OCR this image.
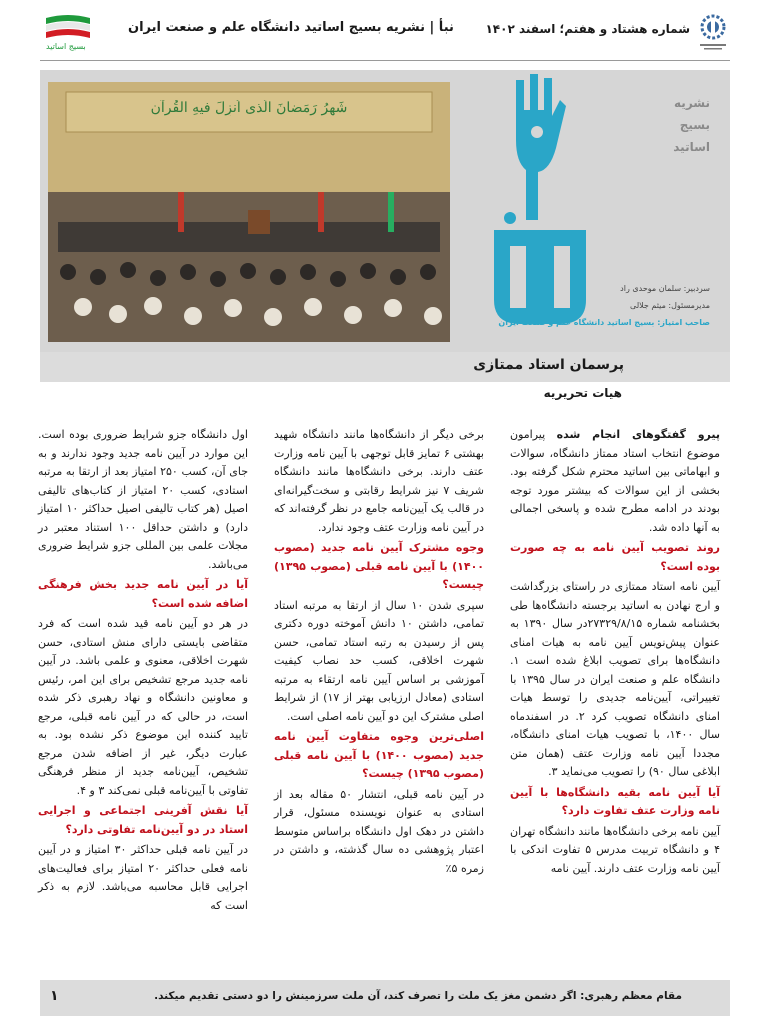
شماره هشتاد و هفتم؛ اسفند ۱۴۰۲
نبأ | نشریه بسیج اساتید دانشگاه علم و صنعت ایران
بسیج اساتید
شَهرُ رَمَضانَ الَّذی اُنزِلَ فیهِ القُرآن	نشریه
بسیج
اساتید
سردبیر: سلمان موحدی راد
مدیرمسئول: میثم جلالی
صاحب امتیاز: بسیج اساتید دانشگاه علم و صنعت ایران
پرسمان استاد ممتازی
هیات تحریریه

پیرو گفتگوهای انجام شده پیرامون موضوع انتخاب استاد ممتاز دانشگاه، سوالات و ابهاماتی بین اساتید محترم شکل گرفته بود. بخشی از این سوالات که بیشتر مورد توجه بودند در ادامه مطرح شده و پاسخی اجمالی به آنها داده شد.

روند تصویب آیین نامه به چه صورت بوده است؟

آیین نامه استاد ممتازی در راستای بزرگداشت و ارج نهادن به اساتید برجسته دانشگاه‌ها طی بخشنامه شماره ۲۷۳۲۹/۸/۱۵در سال ۱۳۹۰ به عنوان پیش‌نویس آیین نامه به هیات امنای دانشگاه‌ها برای تصویب ابلاغ شده است ۱. دانشگاه علم و صنعت ایران در سال ۱۳۹۵ با تغییراتی، آیین‌نامه جدیدی را توسط هیات امنای دانشگاه تصویب کرد ۲. در اسفندماه سال ۱۴۰۰، با تصویب هیات امنای دانشگاه، مجددا آیین نامه وزارت عتف (همان متن ابلاغی سال ۹۰) را تصویب می‌نماید ۳.

آیا آیین نامه بقیه دانشگاه‌ها با آیین نامه وزارت عتف تفاوت دارد؟

آیین نامه برخی دانشگاه‌ها مانند دانشگاه تهران ۴ و دانشگاه تربیت مدرس ۵ تفاوت اندکی با آیین نامه وزارت عتف دارند. آیین نامه

برخی دیگر از دانشگاه‌ها مانند دانشگاه شهید بهشتی ۶ تمایز قابل توجهی با آیین نامه وزارت عتف دارند. برخی دانشگاه‌ها مانند دانشگاه شریف ۷ نیز شرایط رقابتی و سخت‌گیرانه‌ای در قالب یک آیین‌نامه جامع در نظر گرفته‌اند که در آیین نامه وزارت عتف وجود ندارد.

وجوه مشترک آیین نامه جدید (مصوب ۱۴۰۰) با آیین نامه قبلی (مصوب ۱۳۹۵) چیست؟

سپری شدن ۱۰ سال از ارتقا به مرتبه استاد تمامی، داشتن ۱۰ دانش آموخته دوره دکتری پس از رسیدن به رتبه استاد تمامی، حسن شهرت اخلاقی، کسب حد نصاب کیفیت آموزشی بر اساس آیین نامه ارتقاء به مرتبه استادی (معادل ارزیابی بهتر از ۱۷) از شرایط اصلی مشترک این دو آیین نامه اصلی است.

اصلی‌ترین وجوه متفاوت آیین نامه جدید (مصوب ۱۴۰۰) با آیین نامه قبلی (مصوب ۱۳۹۵) چیست؟

در آیین نامه قبلی، انتشار ۵۰ مقاله بعد از استادی به عنوان نویسنده مسئول، قرار داشتن در دهک اول دانشگاه براساس متوسط اعتبار پژوهشی ده سال گذشته، و داشتن در زمره ۵٪

اول دانشگاه جزو شرایط ضروری بوده است. این موارد در آیین نامه جدید وجود ندارند و به جای آن، کسب ۲۵۰ امتیاز بعد از ارتقا به مرتبه استادی، کسب ۲۰ امتیاز از کتاب‌های تالیفی اصیل (هر کتاب تالیفی اصیل حداکثر ۱۰ امتیاز دارد) و داشتن حداقل ۱۰۰ استناد معتبر در مجلات علمی بین المللی جزو شرایط ضروری می‌باشد.

آیا در آیین نامه جدید بخش فرهنگی اضافه شده است؟

در هر دو آیین نامه قید شده است که فرد متقاضی بایستی دارای منش استادی، حسن شهرت اخلاقی، معنوی و علمی باشد. در آیین نامه جدید مرجع تشخیص برای این امر، رئیس و معاونین دانشگاه و نهاد رهبری ذکر شده است، در حالی که در آیین نامه قبلی، مرجع تایید کننده این موضوع ذکر نشده بود. به عبارت دیگر، غیر از اضافه شدن مرجع تشخیص، آیین‌نامه جدید از منظر فرهنگی تفاوتی با آیین‌نامه قبلی نمی‌کند ۳ و ۴.

آیا نقش آفرینی اجتماعی و اجرایی استاد در دو آیین‌نامه تفاوتی دارد؟

در آیین نامه قبلی حداکثر ۳۰ امتیاز و در آیین نامه فعلی حداکثر ۲۰ امتیاز برای فعالیت‌های اجرایی قابل محاسبه می‌باشد. لازم به ذکر است که

مقام معظم رهبری: اگر دشمن مغز یک ملت را تصرف کند، آن ملت سرزمینش را دو دستی تقدیم میکند.
۱
